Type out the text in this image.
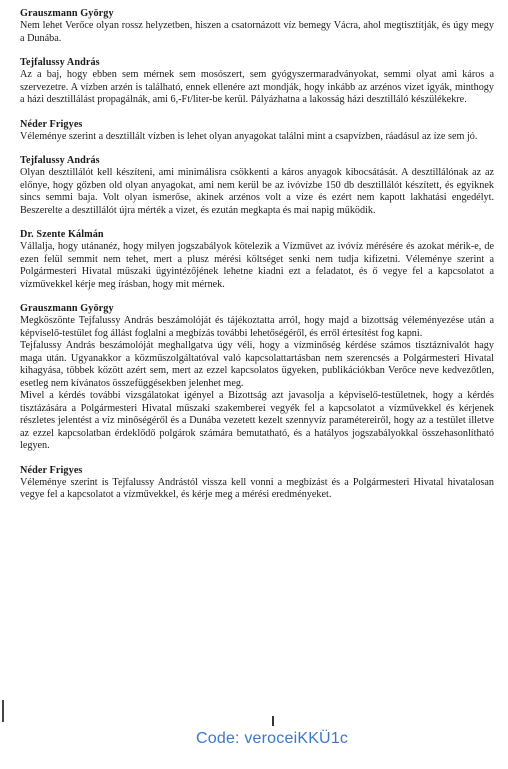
Grauszmann György

Nem lehet Verőce olyan rossz helyzetben, hiszen a csatornázott víz bemegy Vácra, ahol megtisztítják, és úgy megy a Dunába.

Tejfalussy András

Az a baj, hogy ebben sem mérnek sem mosószert, sem gyógyszermaradványokat, semmi olyat ami káros a szervezetre. A vízben arzén is található, ennek ellenére azt mondják, hogy inkább az arzénos vizet igyák, minthogy a házi desztillálást propagálnák, ami 6,-Ft/liter-be kerül. Pályázhatna a lakosság házi desztilláló készülékekre.

Néder Frigyes

Véleménye szerint a desztillált vízben is lehet olyan anyagokat találni mint a csapvízben, ráadásul az íze sem jó.

Tejfalussy András

Olyan desztillálót kell készíteni, ami minimálisra csökkenti a káros anyagok kibocsátását. A desztillálónak az az előnye, hogy gőzben old olyan anyagokat, ami nem kerül be az ivóvízbe 150 db desztillálót készített, és egyiknek sincs semmi baja. Volt olyan ismerőse, akinek arzénos volt a vize és ezért nem kapott lakhatási engedélyt. Beszerelte a desztillálót újra mérték a vizet, és ezután megkapta és mai napig működik.

Dr. Szente Kálmán

Vállalja, hogy utánanéz, hogy milyen jogszabályok kötelezik a Vízművet az ivóvíz mérésére és azokat mérik-e, de ezen felül semmit nem tehet, mert a plusz mérési költséget senki nem tudja kifizetni. Véleménye szerint a Polgármesteri Hivatal műszaki ügyintézőjének lehetne kiadni ezt a feladatot, és ő vegye fel a kapcsolatot a vízművekkel kérje meg írásban, hogy mit mérnek.

Grauszmann György

Megköszönte Tejfalussy András beszámolóját és tájékoztatta arról, hogy majd a bizottság véleményezése után a képviselő-testület fog állást foglalni a megbízás további lehetőségéről, és erről értesítést fog kapni.

Tejfalussy András beszámolóját meghallgatva úgy véli, hogy a vízminőség kérdése számos tisztáznivalót hagy maga után. Ugyanakkor a közműszolgáltatóval való kapcsolattartásban nem szerencsés a Polgármesteri Hivatal kihagyása, többek között azért sem, mert az ezzel kapcsolatos ügyeken, publikációkban Verőce neve kedvezőtlen, esetleg nem kívánatos összefüggésekben jelenhet meg.

Mivel a kérdés további vizsgálatokat igényel a Bizottság azt javasolja a képviselő-testületnek, hogy a kérdés tisztázására a Polgármesteri Hivatal műszaki szakemberei vegyék fel a kapcsolatot a vízművekkel és kérjenek részletes jelentést a víz minőségéről és a Dunába vezetett kezelt szennyvíz paramétereiről, hogy az a testület illetve az ezzel kapcsolatban érdeklődő polgárok számára bemutatható, és a hatályos jogszabályokkal összehasonlítható legyen.

Néder Frigyes

Véleménye szerint is Tejfalussy Andrástól vissza kell vonni a megbízást és a Polgármesteri Hivatal hivatalosan vegye fel a kapcsolatot a vízművekkel, és kérje meg a mérési eredményeket.

Code: veroceiKKÜ1c
